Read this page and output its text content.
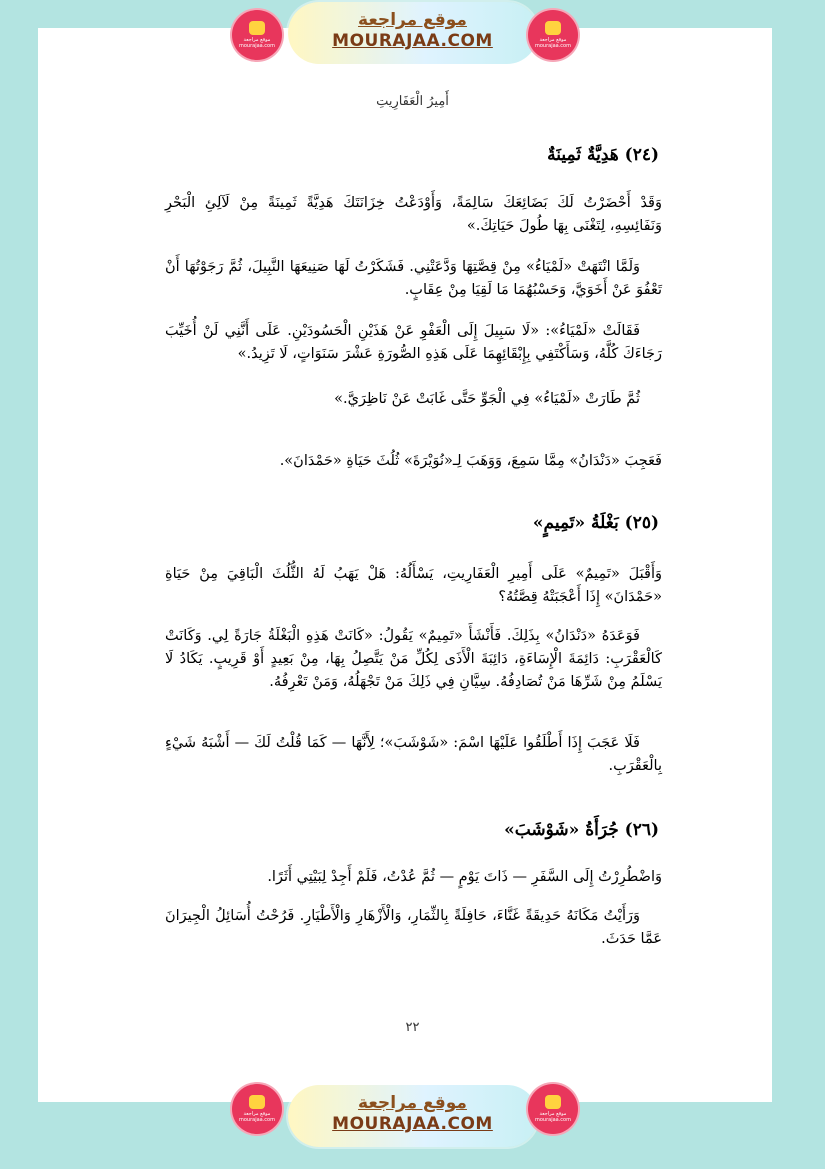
موقع مراجعة mourajaa.com
موقع مراجعة
MOURAJAA.COM	موقع مراجعة mourajaa.com
أَمِيرُ الْعَفَارِيتِ
(٢٤) هَدِيَّةٌ ثَمِينَةٌ
وَقَدْ أَحْضَرْتُ لَكَ بَضَائِعَكَ سَالِمَةً، وَأَوْدَعْتُ خِزَانَتَكَ هَدِيَّةً ثَمِينَةً مِنْ لَآلِئِ الْبَحْرِ وَنَفَائِسِهِ، لِتَغْنَى بِهَا طُولَ حَيَاتِكَ.»
وَلَمَّا انْتَهَتْ «لَمْيَاءُ» مِنْ قِصَّتِهَا وَدَّعَتْنِي. فَشَكَرْتُ لَهَا صَنِيعَهَا النَّبِيلَ، ثُمَّ رَجَوْتُهَا أَنْ تَعْفُوَ عَنْ أَخَوَيَّ، وَحَسْبُهُمَا مَا لَقِيَا مِنْ عِقَابٍ.
فَقَالَتْ «لَمْيَاءُ»: «لَا سَبِيلَ إِلَى الْعَفْوِ عَنْ هَذَيْنِ الْحَسُودَيْنِ. عَلَى أَنَّنِي لَنْ أُخَيِّبَ رَجَاءَكَ كُلَّهُ، وَسَأَكْتَفِي بِإِبْقَائِهِمَا عَلَى هَذِهِ الصُّورَةِ عَشْرَ سَنَوَاتٍ، لَا تَزِيدُ.»
ثُمَّ طَارَتْ «لَمْيَاءُ» فِي الْجَوِّ حَتَّى غَابَتْ عَنْ نَاظِرَيَّ.»
فَعَجِبَ «دَنْدَانُ» مِمَّا سَمِعَ، وَوَهَبَ لِـ«نُوَيْرَةَ» ثُلُثَ حَيَاةِ «حَمْدَانَ».
(٢٥) بَغْلَةُ «تَمِيمٍ»
وَأَقْبَلَ «تَمِيمٌ» عَلَى أَمِيرِ الْعَفَارِيتِ، يَسْأَلُهُ: هَلْ يَهَبُ لَهُ الثُّلُثَ الْبَاقِيَ مِنْ حَيَاةِ «حَمْدَانَ» إِذَا أَعْجَبَتْهُ قِصَّتُهُ؟
فَوَعَدَهُ «دَنْدَانُ» بِذَلِكَ. فَأَنْشَأَ «تَمِيمٌ» يَقُولُ: «كَانَتْ هَذِهِ الْبَغْلَةُ جَارَةً لِي. وَكَانَتْ كَالْعَقْرَبِ: دَائِمَةَ الْإِسَاءَةِ، دَائِبَةَ الْأَذَى لِكُلِّ مَنْ يَتَّصِلُ بِهَا، مِنْ بَعِيدٍ أَوْ قَرِيبٍ. يَكَادُ لَا يَسْلَمُ مِنْ شَرِّهَا مَنْ تُصَادِفُهُ. سِيَّانِ فِي ذَلِكَ مَنْ تَجْهَلُهُ، وَمَنْ تَعْرِفُهُ.
فَلَا عَجَبَ إِذَا أَطْلَقُوا عَلَيْهَا اسْمَ: «شَوْشَبَ»؛ لِأَنَّهَا — كَمَا قُلْتُ لَكَ — أَشْبَهُ شَيْءٍ بِالْعَقْرَبِ.
(٢٦) جُرَأَةُ «شَوْشَبَ»
وَاضْطُرِرْتُ إِلَى السَّفَرِ — ذَاتَ يَوْمٍ — ثُمَّ عُدْتُ، فَلَمْ أَجِدْ لِبَيْتِي أَثَرًا.
وَرَأَيْتُ مَكَانَهُ حَدِيقَةً غَنَّاءَ، حَافِلَةً بِالثِّمَارِ، وَالْأَزْهَارِ وَالْأَطْيَارِ. فَرُحْتُ أُسَائِلُ الْجِيرَانَ عَمَّا حَدَثَ.
٢٢
موقع مراجعة mourajaa.com
موقع مراجعة
MOURAJAA.COM	موقع مراجعة mourajaa.com
